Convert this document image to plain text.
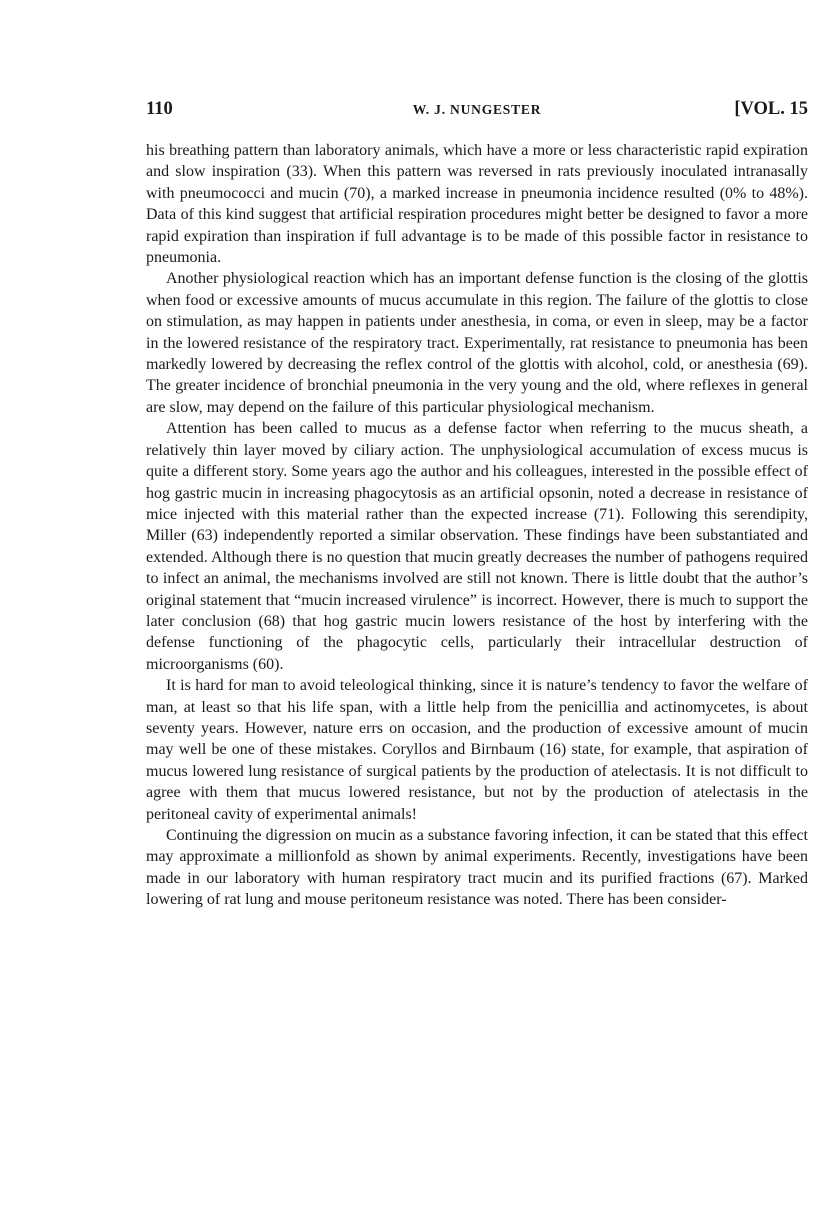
110	W. J. NUNGESTER	[VOL. 15

his breathing pattern than laboratory animals, which have a more or less characteristic rapid expiration and slow inspiration (33). When this pattern was reversed in rats previously inoculated intranasally with pneumococci and mucin (70), a marked increase in pneumonia incidence resulted (0% to 48%). Data of this kind suggest that artificial respiration procedures might better be designed to favor a more rapid expiration than inspiration if full advantage is to be made of this possible factor in resistance to pneumonia.

Another physiological reaction which has an important defense function is the closing of the glottis when food or excessive amounts of mucus accumulate in this region. The failure of the glottis to close on stimulation, as may happen in patients under anesthesia, in coma, or even in sleep, may be a factor in the lowered resistance of the respiratory tract. Experimentally, rat resistance to pneumonia has been markedly lowered by decreasing the reflex control of the glottis with alcohol, cold, or anesthesia (69). The greater incidence of bronchial pneumonia in the very young and the old, where reflexes in general are slow, may depend on the failure of this particular physiological mechanism.

Attention has been called to mucus as a defense factor when referring to the mucus sheath, a relatively thin layer moved by ciliary action. The unphysiological accumulation of excess mucus is quite a different story. Some years ago the author and his colleagues, interested in the possible effect of hog gastric mucin in increasing phagocytosis as an artificial opsonin, noted a decrease in resistance of mice injected with this material rather than the expected increase (71). Following this serendipity, Miller (63) independently reported a similar observation. These findings have been substantiated and extended. Although there is no question that mucin greatly decreases the number of pathogens required to infect an animal, the mechanisms involved are still not known. There is little doubt that the author’s original statement that “mucin increased virulence” is incorrect. However, there is much to support the later conclusion (68) that hog gastric mucin lowers resistance of the host by interfering with the defense functioning of the phagocytic cells, particularly their intracellular destruction of microorganisms (60).

It is hard for man to avoid teleological thinking, since it is nature’s tendency to favor the welfare of man, at least so that his life span, with a little help from the penicillia and actinomycetes, is about seventy years. However, nature errs on occasion, and the production of excessive amount of mucin may well be one of these mistakes. Coryllos and Birnbaum (16) state, for example, that aspiration of mucus lowered lung resistance of surgical patients by the production of atelectasis. It is not difficult to agree with them that mucus lowered resistance, but not by the production of atelectasis in the peritoneal cavity of experimental animals!

Continuing the digression on mucin as a substance favoring infection, it can be stated that this effect may approximate a millionfold as shown by animal experiments. Recently, investigations have been made in our laboratory with human respiratory tract mucin and its purified fractions (67). Marked lowering of rat lung and mouse peritoneum resistance was noted. There has been consider-
